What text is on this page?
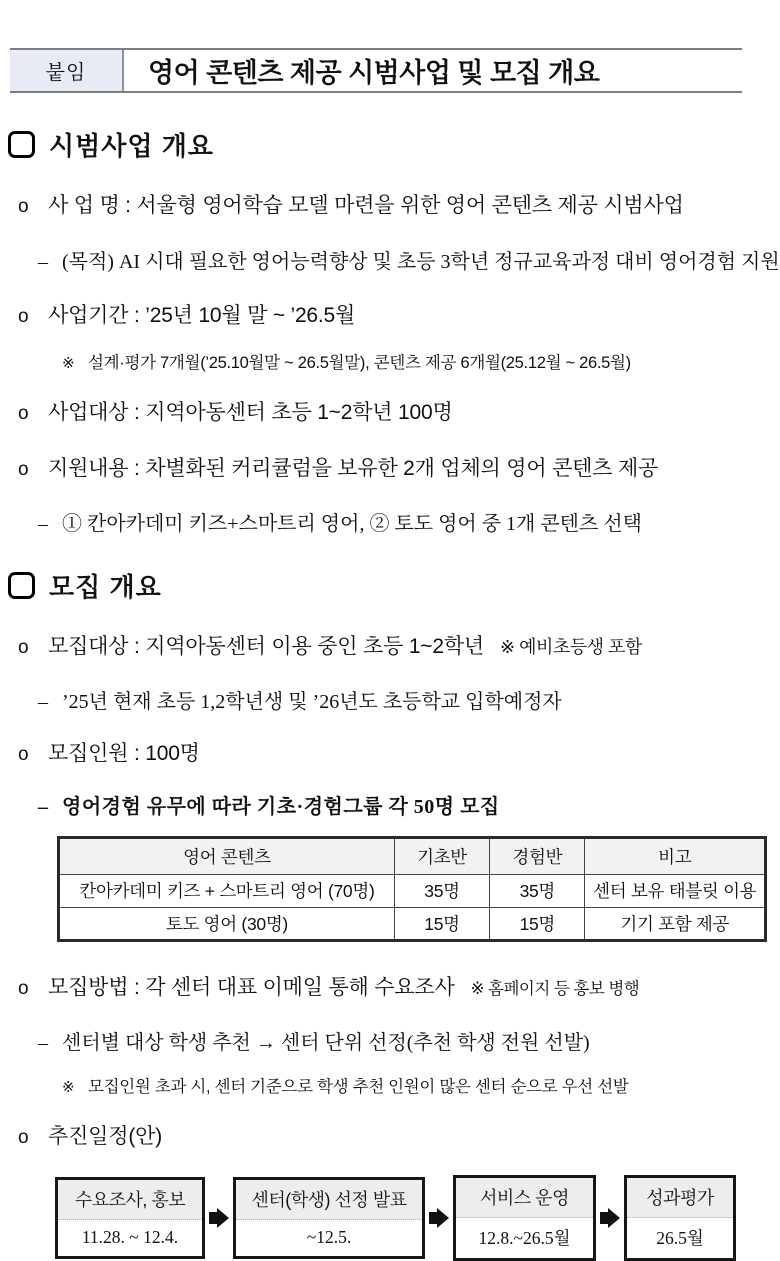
붙임	영어 콘텐츠 제공 시범사업 및 모집 개요
시범사업 개요
o 사 업 명 : 서울형 영어학습 모델 마련을 위한 영어 콘텐츠 제공 시범사업
– (목적) AI 시대 필요한 영어능력향상 및 초등 3학년 정규교육과정 대비 영어경험 지원
o 사업기간 : ’25년 10월 말 ~ ’26.5월
※ 설계·평가 7개월(’25.10월말 ~ 26.5월말), 콘텐츠 제공 6개월(25.12월 ~ 26.5월)
o 사업대상 : 지역아동센터 초등 1~2학년 100명
o 지원내용 : 차별화된 커리큘럼을 보유한 2개 업체의 영어 콘텐츠 제공
– ① 칸아카데미 키즈+스마트리 영어, ② 토도 영어 중 1개 콘텐츠 선택
모집 개요
o 모집대상 : 지역아동센터 이용 중인 초등 1~2학년 ※ 예비초등생 포함
– ’25년 현재 초등 1,2학년생 및 ’26년도 초등학교 입학예정자
o 모집인원 : 100명
– 영어경험 유무에 따라 기초·경험그룹 각 50명 모집
영어 콘텐츠	기초반	경험반	비고
칸아카데미 키즈 + 스마트리 영어 (70명)	35명	35명	센터 보유 태블릿 이용
토도 영어 (30명)	15명	15명	기기 포함 제공
o 모집방법 : 각 센터 대표 이메일 통해 수요조사 ※ 홈페이지 등 홍보 병행
– 센터별 대상 학생 추천 → 센터 단위 선정(추천 학생 전원 선발)
※ 모집인원 초과 시, 센터 기준으로 학생 추천 인원이 많은 센터 순으로 우선 선발
o 추진일정(안)
수요조사, 홍보
11.28. ~ 12.4.
센터(학생) 선정 발표
~12.5.
서비스 운영
12.8.~26.5월
성과평가
26.5월
